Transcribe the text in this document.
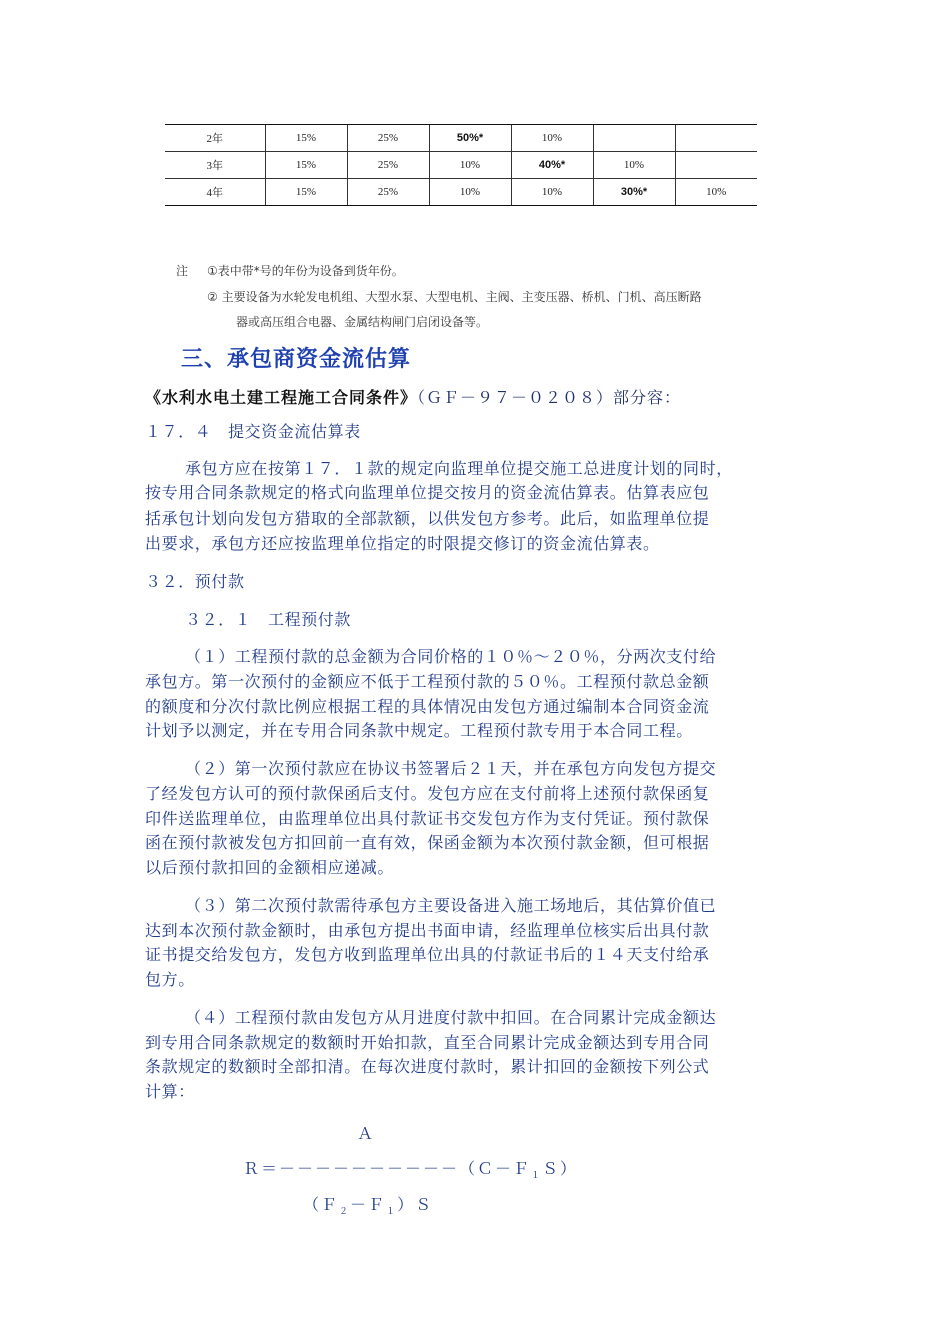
2年	15%	25%	50%*	10%		
3年	15%	25%	10%	40%*	10%	
4年	15%	25%	10%	10%	30%*	10%
注 ①表中带*号的年份为设备到货年份。
② 主要设备为水轮发电机组、大型水泵、大型电机、主阀、主变压器、桥机、门机、高压断路
器或高压组合电器、金属结构闸门启闭设备等。
三、承包商资金流估算
《水利水电土建工程施工合同条件》（ＧＦ－９７－０２０８）部分容：
１７．４　提交资金流估算表
承包方应在按第１７．１款的规定向监理单位提交施工总进度计划的同时，
按专用合同条款规定的格式向监理单位提交按月的资金流估算表。估算表应包
括承包计划向发包方猎取的全部款额，以供发包方参考。此后，如监理单位提
出要求，承包方还应按监理单位指定的时限提交修订的资金流估算表。
３２．预付款
３２．１　工程预付款
（１）工程预付款的总金额为合同价格的１０％～２０％，分两次支付给
承包方。第一次预付的金额应不低于工程预付款的５０％。工程预付款总金额
的额度和分次付款比例应根据工程的具体情况由发包方通过编制本合同资金流
计划予以测定，并在专用合同条款中规定。工程预付款专用于本合同工程。
（２）第一次预付款应在协议书签署后２１天，并在承包方向发包方提交
了经发包方认可的预付款保函后支付。发包方应在支付前将上述预付款保函复
印件送监理单位，由监理单位出具付款证书交发包方作为支付凭证。预付款保
函在预付款被发包方扣回前一直有效，保函金额为本次预付款金额，但可根据
以后预付款扣回的金额相应递减。
（３）第二次预付款需待承包方主要设备进入施工场地后，其估算价值已
达到本次预付款金额时，由承包方提出书面申请，经监理单位核实后出具付款
证书提交给发包方，发包方收到监理单位出具的付款证书后的１４天支付给承
包方。
（４）工程预付款由发包方从月进度付款中扣回。在合同累计完成金额达
到专用合同条款规定的数额时开始扣款，直至合同累计完成金额达到专用合同
条款规定的数额时全部扣清。在每次进度付款时，累计扣回的金额按下列公式
计算：
Ａ
Ｒ＝－－－－－－－－－－（Ｃ－Ｆ$_1$Ｓ）
（Ｆ$_2$－Ｆ$_1$）Ｓ
